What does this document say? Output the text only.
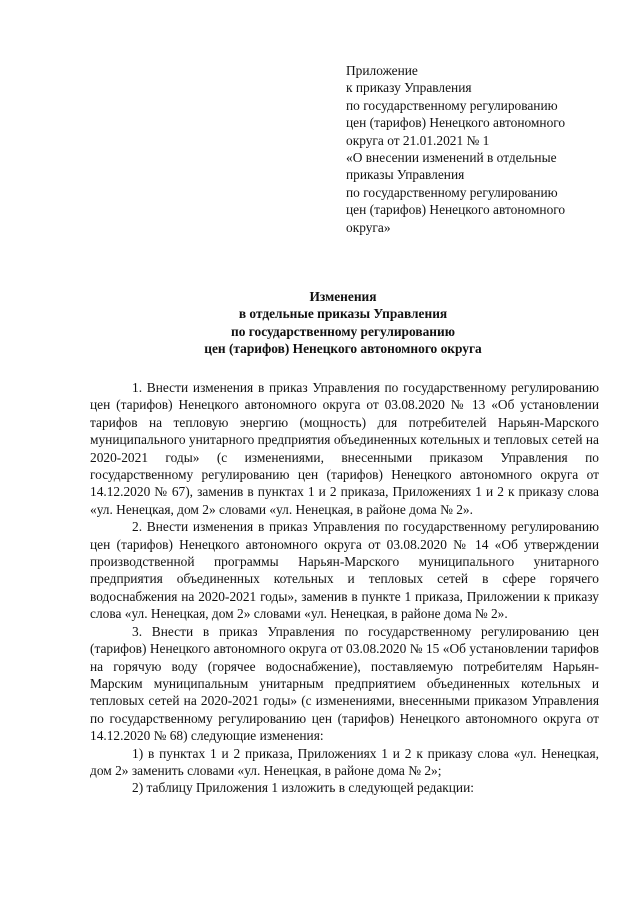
Приложение
к приказу Управления
по государственному регулированию
цен (тарифов) Ненецкого автономного
округа от 21.01.2021 № 1
«О внесении изменений в отдельные
приказы Управления
по государственному регулированию
цен (тарифов) Ненецкого автономного
округа»
Изменения
в отдельные приказы Управления
по государственному регулированию
цен (тарифов) Ненецкого автономного округа

1. Внести изменения в приказ Управления по государственному регулированию цен (тарифов) Ненецкого автономного округа от 03.08.2020 № 13 «Об установлении тарифов на тепловую энергию (мощность) для потребителей Нарьян-Марского муниципального унитарного предприятия объединенных котельных и тепловых сетей на 2020-2021 годы» (с изменениями, внесенными приказом Управления по государственному регулированию цен (тарифов) Ненецкого автономного округа от 14.12.2020 № 67), заменив в пунктах 1 и 2 приказа, Приложениях 1 и 2 к приказу слова «ул. Ненецкая, дом 2» словами «ул. Ненецкая, в районе дома № 2».

2. Внести изменения в приказ Управления по государственному регулированию цен (тарифов) Ненецкого автономного округа от 03.08.2020 № 14 «Об утверждении производственной программы Нарьян-Марского муниципального унитарного предприятия объединенных котельных и тепловых сетей в сфере горячего водоснабжения на 2020-2021 годы», заменив в пункте 1 приказа, Приложении к приказу слова «ул. Ненецкая, дом 2» словами «ул. Ненецкая, в районе дома № 2».

3. Внести в приказ Управления по государственному регулированию цен (тарифов) Ненецкого автономного округа от 03.08.2020 № 15 «Об установлении тарифов на горячую воду (горячее водоснабжение), поставляемую потребителям Нарьян-Марским муниципальным унитарным предприятием объединенных котельных и тепловых сетей на 2020-2021 годы» (с изменениями, внесенными приказом Управления по государственному регулированию цен (тарифов) Ненецкого автономного округа от 14.12.2020 № 68) следующие изменения:

1) в пунктах 1 и 2 приказа, Приложениях 1 и 2 к приказу слова «ул. Ненецкая, дом 2» заменить словами «ул. Ненецкая, в районе дома № 2»;

2) таблицу Приложения 1 изложить в следующей редакции:
